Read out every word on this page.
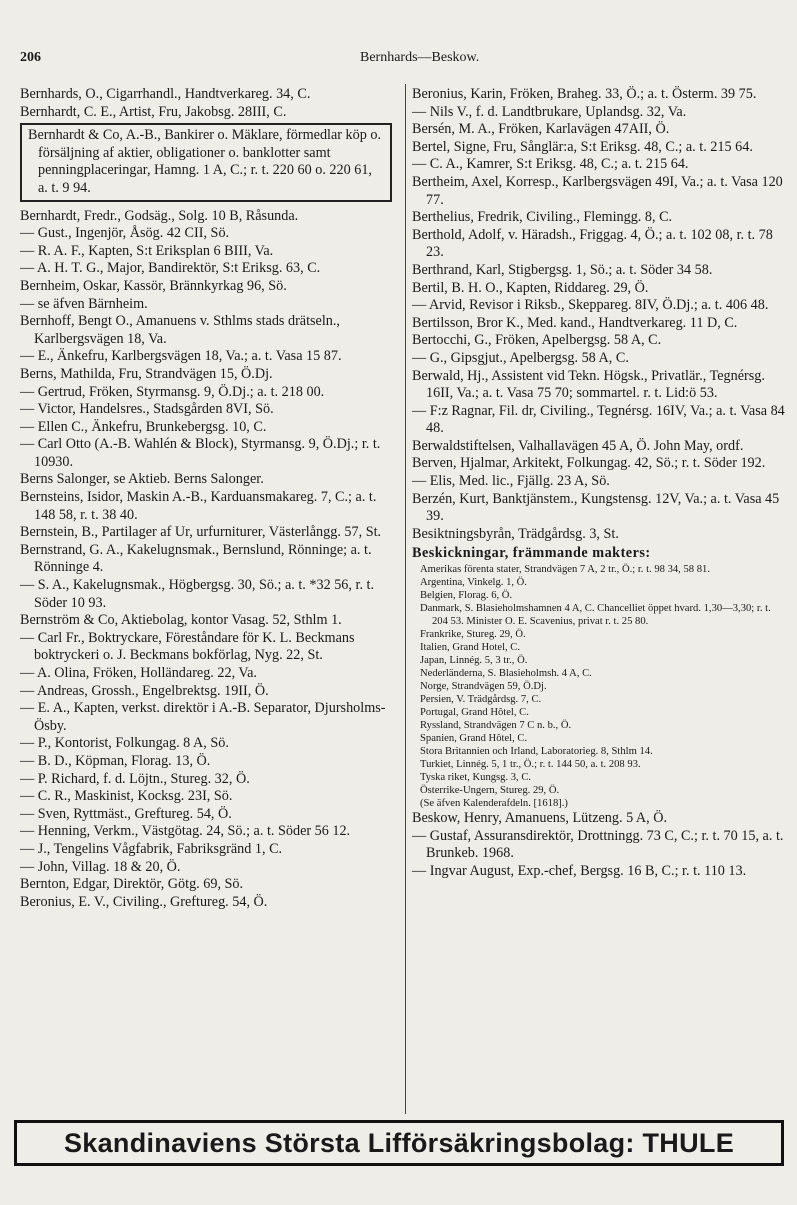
206	Bernhards—Beskow.

Bernhards, O., Cigarrhandl., Handtverkareg. 34, C.

Bernhardt, C. E., Artist, Fru, Jakobsg. 28III, C.

Bernhardt & Co, A.-B., Bankirer o. Mäklare, förmedlar köp o. försäljning af aktier, obligationer o. banklotter samt penningplaceringar, Hamng. 1 A, C.; r. t. 220 60 o. 220 61, a. t. 9 94.

Bernhardt, Fredr., Godsäg., Solg. 10 B, Råsunda.

— Gust., Ingenjör, Åsög. 42 CII, Sö.

— R. A. F., Kapten, S:t Eriksplan 6 BIII, Va.

— A. H. T. G., Major, Bandirektör, S:t Eriksg. 63, C.

Bernheim, Oskar, Kassör, Brännkyrkag 96, Sö.

— se äfven Bärnheim.

Bernhoff, Bengt O., Amanuens v. Sthlms stads drätseln., Karlbergsvägen 18, Va.

— E., Änkefru, Karlbergsvägen 18, Va.; a. t. Vasa 15 87.

Berns, Mathilda, Fru, Strandvägen 15, Ö.Dj.

— Gertrud, Fröken, Styrmansg. 9, Ö.Dj.; a. t. 218 00.

— Victor, Handelsres., Stadsgården 8VI, Sö.

— Ellen C., Änkefru, Brunkebergsg. 10, C.

— Carl Otto (A.-B. Wahlén & Block), Styrmansg. 9, Ö.Dj.; r. t. 10930.

Berns Salonger, se Aktieb. Berns Salonger.

Bernsteins, Isidor, Maskin A.-B., Karduansmakareg. 7, C.; a. t. 148 58, r. t. 38 40.

Bernstein, B., Partilager af Ur, urfurniturer, Västerlångg. 57, St.

Bernstrand, G. A., Kakelugnsmak., Bernslund, Rönninge; a. t. Rönninge 4.

— S. A., Kakelugnsmak., Högbergsg. 30, Sö.; a. t. *32 56, r. t. Söder 10 93.

Bernström & Co, Aktiebolag, kontor Vasag. 52, Sthlm 1.

— Carl Fr., Boktryckare, Föreståndare för K. L. Beckmans boktryckeri o. J. Beckmans bokförlag, Nyg. 22, St.

— A. Olina, Fröken, Holländareg. 22, Va.

— Andreas, Grossh., Engelbrektsg. 19II, Ö.

— E. A., Kapten, verkst. direktör i A.-B. Separator, Djursholms-Ösby.

— P., Kontorist, Folkungag. 8 A, Sö.

— B. D., Köpman, Florag. 13, Ö.

— P. Richard, f. d. Löjtn., Stureg. 32, Ö.

— C. R., Maskinist, Kocksg. 23I, Sö.

— Sven, Ryttmäst., Greftureg. 54, Ö.

— Henning, Verkm., Västgötag. 24, Sö.; a. t. Söder 56 12.

— J., Tengelins Vågfabrik, Fabriksgränd 1, C.

— John, Villag. 18 & 20, Ö.

Bernton, Edgar, Direktör, Götg. 69, Sö.

Beronius, E. V., Civiling., Greftureg. 54, Ö.

Beronius, Karin, Fröken, Braheg. 33, Ö.; a. t. Österm. 39 75.

— Nils V., f. d. Landtbrukare, Uplandsg. 32, Va.

Bersén, M. A., Fröken, Karlavägen 47AII, Ö.

Bertel, Signe, Fru, Sånglär:a, S:t Eriksg. 48, C.; a. t. 215 64.

— C. A., Kamrer, S:t Eriksg. 48, C.; a. t. 215 64.

Bertheim, Axel, Korresp., Karlbergsvägen 49I, Va.; a. t. Vasa 120 77.

Berthelius, Fredrik, Civiling., Flemingg. 8, C.

Berthold, Adolf, v. Häradsh., Friggag. 4, Ö.; a. t. 102 08, r. t. 78 23.

Berthrand, Karl, Stigbergsg. 1, Sö.; a. t. Söder 34 58.

Bertil, B. H. O., Kapten, Riddareg. 29, Ö.

— Arvid, Revisor i Riksb., Skeppareg. 8IV, Ö.Dj.; a. t. 406 48.

Bertilsson, Bror K., Med. kand., Handtverkareg. 11 D, C.

Bertocchi, G., Fröken, Apelbergsg. 58 A, C.

— G., Gipsgjut., Apelbergsg. 58 A, C.

Berwald, Hj., Assistent vid Tekn. Högsk., Privatlär., Tegnérsg. 16II, Va.; a. t. Vasa 75 70; sommartel. r. t. Lid:ö 53.

— F:z Ragnar, Fil. dr, Civiling., Tegnérsg. 16IV, Va.; a. t. Vasa 84 48.

Berwaldstiftelsen, Valhallavägen 45 A, Ö. John May, ordf.

Berven, Hjalmar, Arkitekt, Folkungag. 42, Sö.; r. t. Söder 192.

— Elis, Med. lic., Fjällg. 23 A, Sö.

Berzén, Kurt, Banktjänstem., Kungstensg. 12V, Va.; a. t. Vasa 45 39.

Besiktningsbyrån, Trädgårdsg. 3, St.

Beskickningar, främmande makters:

Amerikas förenta stater, Strandvägen 7 A, 2 tr., Ö.; r. t. 98 34, 58 81.

Argentina, Vinkelg. 1, Ö.

Belgien, Florag. 6, Ö.

Danmark, S. Blasieholmshamnen 4 A, C. Chancelliet öppet hvard. 1,30—3,30; r. t. 204 53. Minister O. E. Scavenius, privat r. t. 25 80.

Frankrike, Stureg. 29, Ö.

Italien, Grand Hotel, C.

Japan, Linnég. 5, 3 tr., Ö.

Nederländerna, S. Blasieholmsh. 4 A, C.

Norge, Strandvägen 59, Ö.Dj.

Persien, V. Trädgårdsg. 7, C.

Portugal, Grand Hôtel, C.

Ryssland, Strandvägen 7 C n. b., Ö.

Spanien, Grand Hôtel, C.

Stora Britannien och Irland, Laboratorieg. 8, Sthlm 14.

Turkiet, Linnég. 5, 1 tr., Ö.; r. t. 144 50, a. t. 208 93.

Tyska riket, Kungsg. 3, C.

Österrike-Ungern, Stureg. 29, Ö.

(Se äfven Kalenderafdeln. [1618].)

Beskow, Henry, Amanuens, Lützeng. 5 A, Ö.

— Gustaf, Assuransdirektör, Drottningg. 73 C, C.; r. t. 70 15, a. t. Brunkeb. 1968.

— Ingvar August, Exp.-chef, Bergsg. 16 B, C.; r. t. 110 13.

Skandinaviens Största Lifförsäkringsbolag: THULE
